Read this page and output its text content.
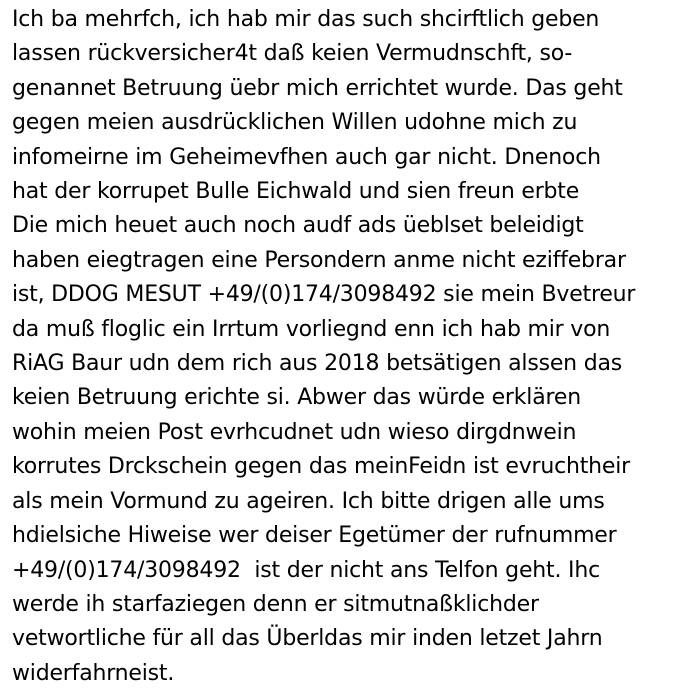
Ich ba mehrfch, ich hab mir das such shcirftlich geben
lassen rückversicher4t daß keien Vermudnschft, so-
genannet Betruung üebr mich errichtet wurde. Das geht
gegen meien ausdrücklichen Willen udohne mich zu
infomeirne im Geheimevfhen auch gar nicht. Dnenoch
hat der korrupet Bulle Eichwald und sien freun erbte
Die mich heuet auch noch audf ads üeblset beleidigt
haben eiegtragen eine Persondern anme nicht eziffebrar
ist, DDOG MESUT +49/(0)174/3098492 sie mein Bvetreur
da muß floglic ein Irrtum vorliegnd enn ich hab mir von
RiAG Baur udn dem rich aus 2018 betsätigen alssen das
keien Betruung erichte si. Abwer das würde erklären
wohin meien Post evrhcudnet udn wieso dirgdnwein
korrutes Drckschein gegen das meinFeidn ist evruchtheir
als mein Vormund zu ageiren. Ich bitte drigen alle ums
hdielsiche Hiweise wer deiser Egetümer der rufnummer
+49/(0)174/3098492  ist der nicht ans Telfon geht. Ihc
werde ih starfaziegen denn er sitmutnaßklichder
vetwortliche für all das Überldas mir inden letzet Jahrn
widerfahrneist.
